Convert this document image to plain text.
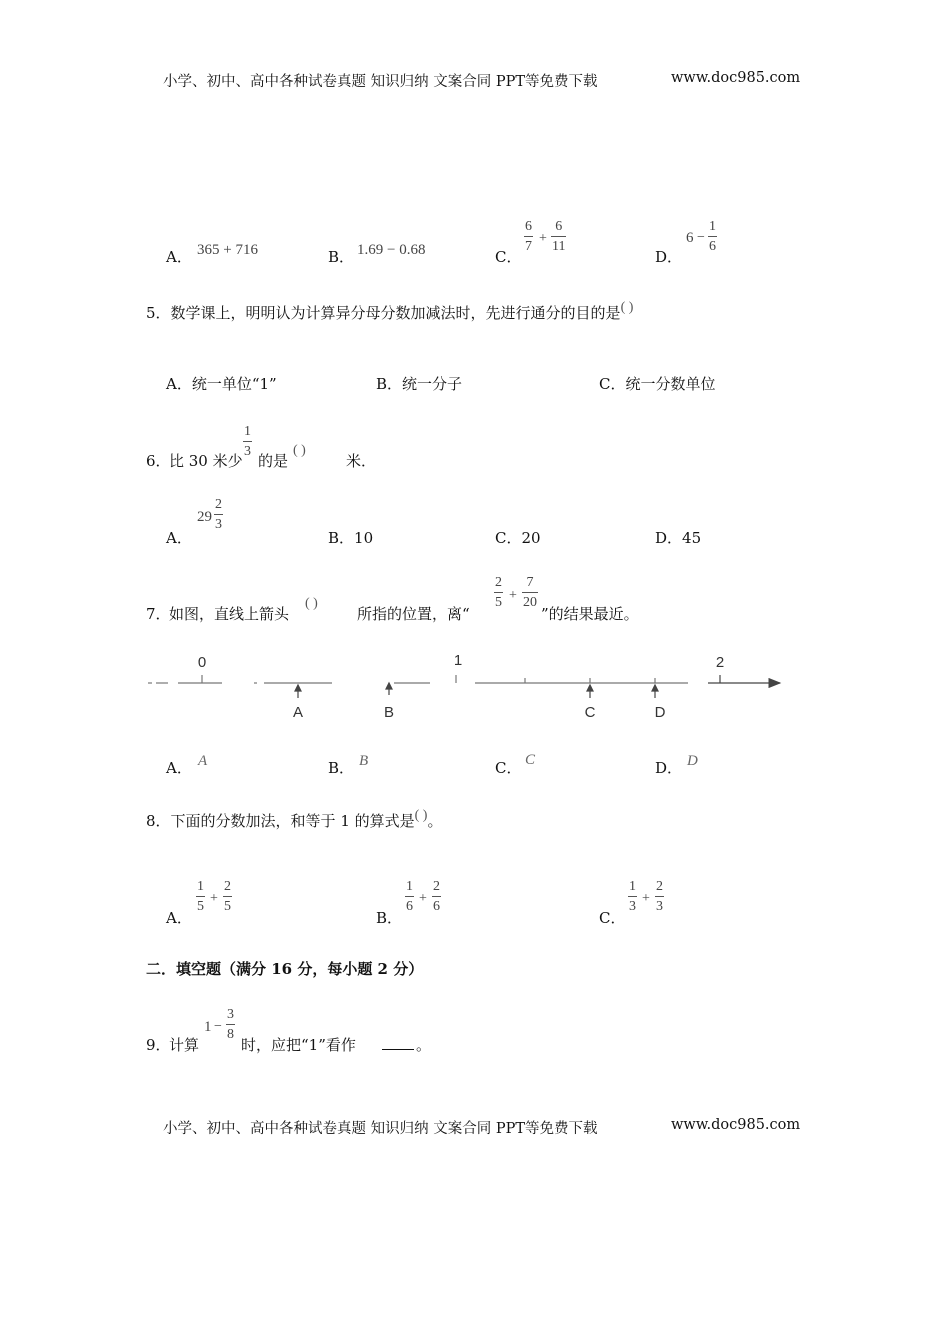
小学、初中、高中各种试卷真题 知识归纳 文案合同 PPT等免费下载	www.doc985.com
A． 365 + 716	B． 1.69 − 0.68	C．
6
7
+
6
11
D．
6 −
1
6
5．数学课上，明明认为计算异分母分数加减法时，先进行通分的目的是( )
A．统一单位“1”	B．统一分子	C．统一分数单位
6．
比 30 米少
1
3
的是
( )
米．
A．
29
2
3
B．10	C．20	D．45
7．
如图，直线上箭头
( )
所指的位置，离“
2
5 +
7
20
”的结果最近。
0	1	2
A	B	C	D
A． A	B． B	C． C	D． D
8．下面的分数加法，和等于 1 的算式是( )。
A．
1
5
+
2
5
B．
1
6
+
2
6
C．
1
3
+
2
3
二．填空题（满分 16 分，每小题 2 分）
9．
计算
1 −
3
8
时，应把“1”看作	。
小学、初中、高中各种试卷真题 知识归纳 文案合同 PPT等免费下载	www.doc985.com
